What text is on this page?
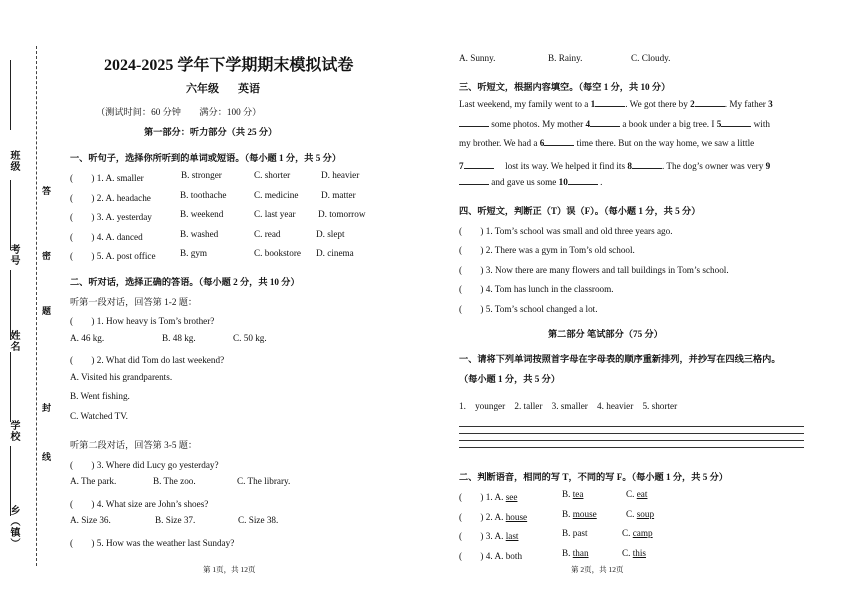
班级
考号
姓名
学校
乡（镇）
答
密
题
封
线
2024-2025 学年下学期期末模拟试卷
六年级 英语
（测试时间：60 分钟　　满分：100 分）
第一部分：听力部分（共 25 分）
一、听句子，选择你所听到的单词或短语。（每小题 1 分，共 5 分）
(　　) 1. A. smaller	B. stronger	C. shorter	D. heavier
(　　) 2. A. headache	B. toothache	C. medicine D. matter
(　　) 3. A. yesterday	B. weekend	C. last year D. tomorrow
(　　) 4. A. danced	B. washed	C. read	D. slept
(　　) 5. A. post office	B. gym	C. bookstore D. cinema
二、听对话，选择正确的答语。（每小题 2 分，共 10 分）
听第一段对话，回答第 1-2 题：
(　　) 1. How heavy is Tom’s brother?
A. 46 kg.	B. 48 kg.	C. 50 kg.
(　　) 2. What did Tom do last weekend?
A. Visited his grandparents.
B. Went fishing.
C. Watched TV.
听第二段对话，回答第 3-5 题：
(　　) 3. Where did Lucy go yesterday?
A. The park.	B. The zoo.	C. The library.
(　　) 4. What size are John’s shoes?
A. Size 36.	B. Size 37.	C. Size 38.
(　　) 5. How was the weather last Sunday?
第 1页，共 12页
A. Sunny.	B. Rainy.	C. Cloudy.
三、听短文，根据内容填空。（每空 1 分，共 10 分）
Last weekend, my family went to a 1	. We got there by 2	. My father 3
some photos. My mother 4	a book under a big tree. I 5	with
my brother. We had a 6	time there. But on the way home, we saw a little
7	　 lost its way. We helped it find its 8	. The dog’s owner was very 9
and gave us some 10	.
四、听短文，判断正（T）误（F）。（每小题 1 分，共 5 分）
(　　) 1. Tom’s school was small and old three years ago.
(　　) 2. There was a gym in Tom’s old school.
(　　) 3. Now there are many flowers and tall buildings in Tom’s school.
(　　) 4. Tom has lunch in the classroom.
(　　) 5. Tom’s school changed a lot.
第二部分 笔试部分（75 分）
一、请将下列单词按照首字母在字母表的顺序重新排列，并抄写在四线三格内。
（每小题 1 分，共 5 分）
1.　younger　2. taller　3. smaller　4. heavier　5. shorter
二、判断语音，相同的写 T，不同的写 F。（每小题 1 分，共 5 分）
(　　) 1. A. see	B. tea	C. eat
(　　) 2. A. house	B. mouse	C. soup
(　　) 3. A. last	B. past	C. camp
(　　) 4. A. both	B. than	C. this
第 2页，共 12页
